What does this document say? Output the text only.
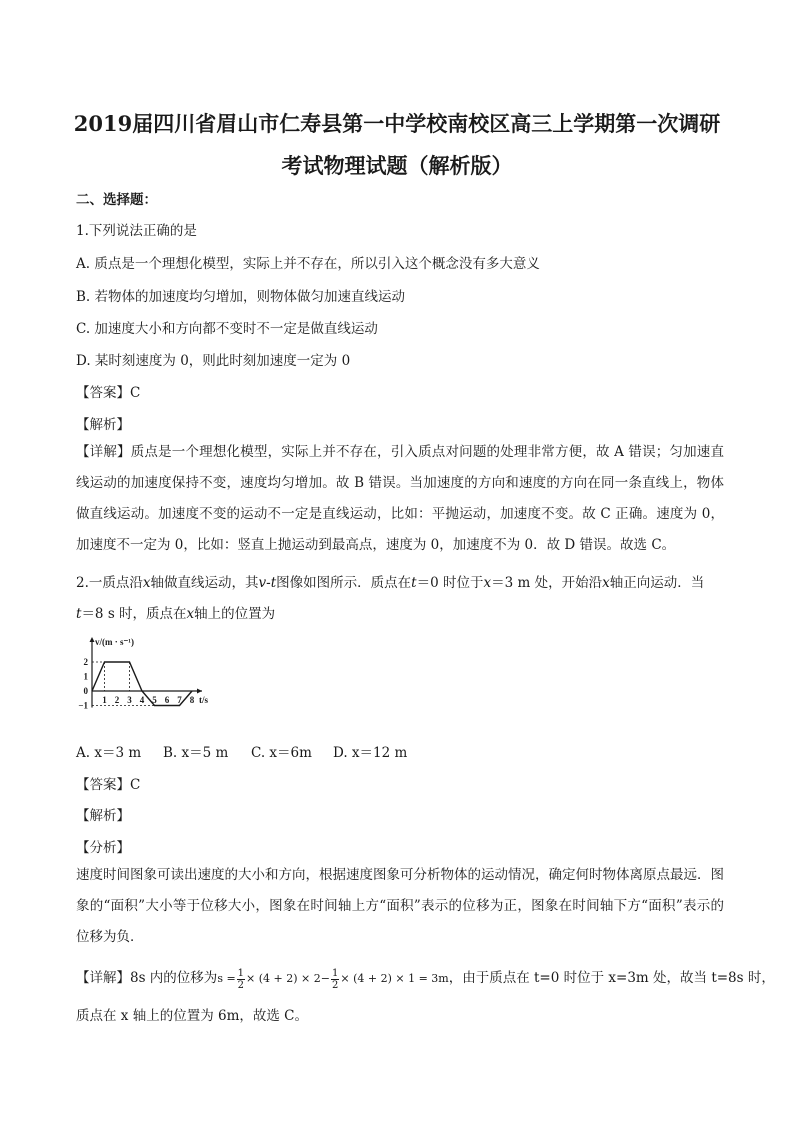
2019届四川省眉山市仁寿县第一中学校南校区高三上学期第一次调研
考试物理试题（解析版）
二、选择题：
1.下列说法正确的是
A. 质点是一个理想化模型，实际上并不存在，所以引入这个概念没有多大意义
B. 若物体的加速度均匀增加，则物体做匀加速直线运动
C. 加速度大小和方向都不变时不一定是做直线运动
D. 某时刻速度为 0，则此时刻加速度一定为 0
【答案】C
【解析】
【详解】质点是一个理想化模型，实际上并不存在，引入质点对问题的处理非常方便，故 A 错误；匀加速直线运动的加速度保持不变，速度均匀增加。故 B 错误。当加速度的方向和速度的方向在同一条直线上，物体做直线运动。加速度不变的运动不一定是直线运动，比如：平抛运动，加速度不变。故 C 正确。速度为 0，加速度不一定为 0，比如：竖直上抛运动到最高点，速度为 0，加速度不为 0．故 D 错误。故选 C。
2.一质点沿x轴做直线运动，其v-t图像如图所示．质点在t＝0 时位于x＝3 m 处，开始沿x轴正向运动．当
t＝8 s 时，质点在x轴上的位置为
2
1
0
−1
1 2 3 4 5 6 7 8
v/(m · s⁻¹)
t/s
A. x＝3 m B. x＝5 m C. x＝6m D. x＝12 m
【答案】C
【解析】
【分析】
速度时间图象可读出速度的大小和方向，根据速度图象可分析物体的运动情况，确定何时物体离原点最远．图象的“面积”大小等于位移大小，图象在时间轴上方“面积”表示的位移为正，图象在时间轴下方“面积”表示的位移为负．
【详解】8s 内的位移为$s = \frac{1}{2} \times (4 + 2) \times 2- \frac{1}{2} \times (4 + 2) \times 1 = 3m$，由于质点在 t=0 时位于 x=3m 处，故当 t=8s 时，
质点在 x 轴上的位置为 6m，故选 C。
